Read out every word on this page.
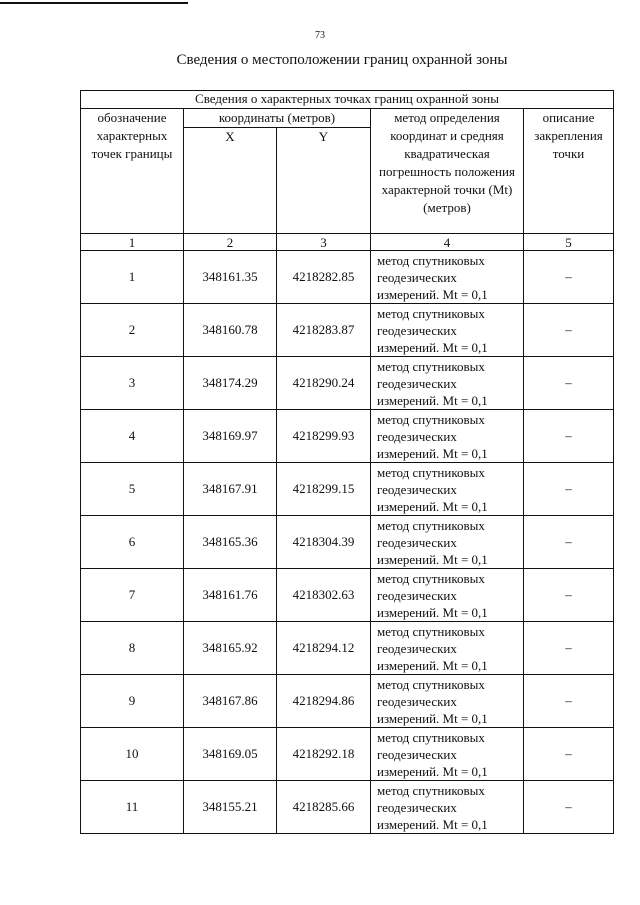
73
Сведения о местоположении границ охранной зоны
Сведения о характерных точках границ охранной зоны				
обозначение характерных точек границы	координаты (метров)		метод определения координат и средняя квадратическая погрешность положения характерной точки (Mt) (метров)	описание закрепления точки
	X	Y		
1	2	3	4	5
1	348161.35	4218282.85	метод спутниковых
геодезических
измерений. Mt = 0,1	–
2	348160.78	4218283.87	метод спутниковых
геодезических
измерений. Mt = 0,1	–
3	348174.29	4218290.24	метод спутниковых
геодезических
измерений. Mt = 0,1	–
4	348169.97	4218299.93	метод спутниковых
геодезических
измерений. Mt = 0,1	–
5	348167.91	4218299.15	метод спутниковых
геодезических
измерений. Mt = 0,1	–
6	348165.36	4218304.39	метод спутниковых
геодезических
измерений. Mt = 0,1	–
7	348161.76	4218302.63	метод спутниковых
геодезических
измерений. Mt = 0,1	–
8	348165.92	4218294.12	метод спутниковых
геодезических
измерений. Mt = 0,1	–
9	348167.86	4218294.86	метод спутниковых
геодезических
измерений. Mt = 0,1	–
10	348169.05	4218292.18	метод спутниковых
геодезических
измерений. Mt = 0,1	–
11	348155.21	4218285.66	метод спутниковых
геодезических
измерений. Mt = 0,1	–
